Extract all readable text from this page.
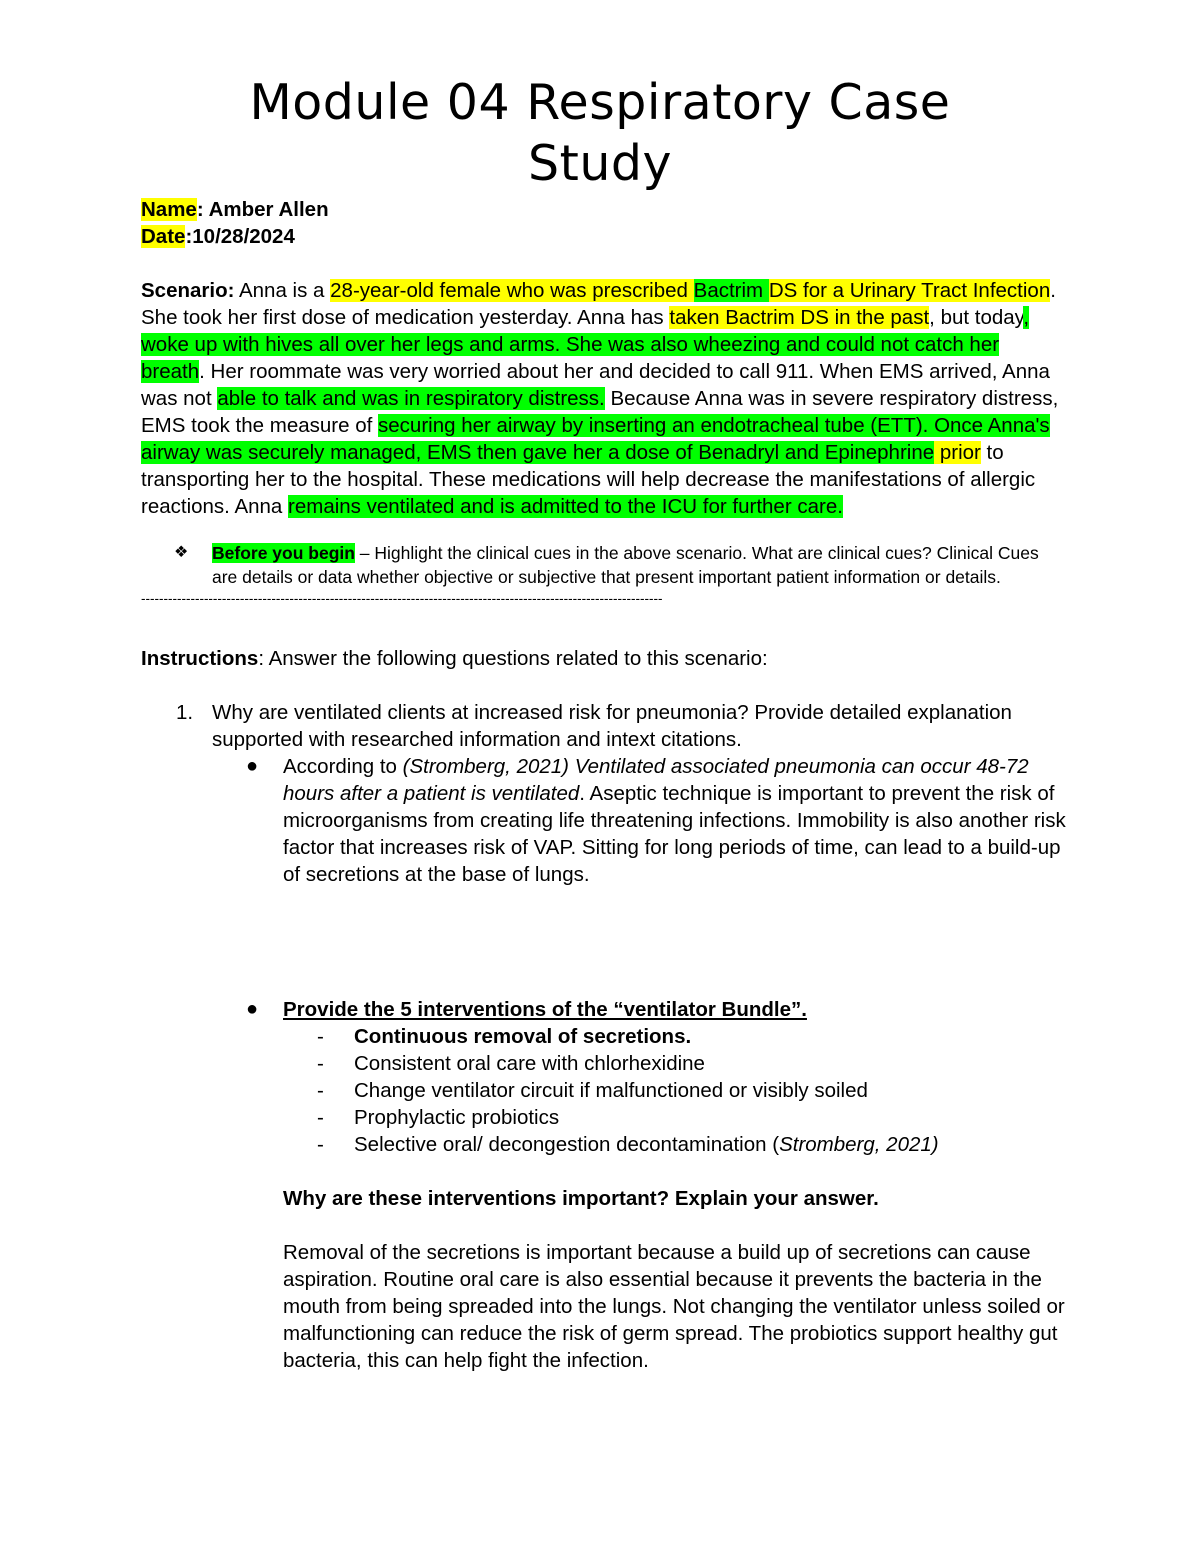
Module 04 Respiratory Case
Study

Name: Amber Allen

Date:10/28/2024

Scenario: Anna is a 28-year-old female who was prescribed Bactrim DS for a Urinary Tract Infection. She took her first dose of medication yesterday. Anna has taken Bactrim DS in the past, but today, woke up with hives all over her legs and arms. She was also wheezing and could not catch her breath. Her roommate was very worried about her and decided to call 911. When EMS arrived, Anna was not able to talk and was in respiratory distress. Because Anna was in severe respiratory distress, EMS took the measure of securing her airway by inserting an endotracheal tube (ETT). Once Anna's airway was securely managed, EMS then gave her a dose of Benadryl and Epinephrine prior to transporting her to the hospital. These medications will help decrease the manifestations of allergic reactions. Anna remains ventilated and is admitted to the ICU for further care.

❖ Before you begin – Highlight the clinical cues in the above scenario. What are clinical cues? Clinical Cues are details or data whether objective or subjective that present important patient information or details.
--------------------------------------------------------------------------------------------------------------------

Instructions: Answer the following questions related to this scenario:

1. Why are ventilated clients at increased risk for pneumonia? Provide detailed explanation supported with researched information and intext citations.
● According to (Stromberg, 2021) Ventilated associated pneumonia can occur 48-72 hours after a patient is ventilated. Aseptic technique is important to prevent the risk of microorganisms from creating life threatening infections. Immobility is also another risk factor that increases risk of VAP. Sitting for long periods of time, can lead to a build-up of secretions at the base of lungs.
● Provide the 5 interventions of the “ventilator Bundle”.
- Continuous removal of secretions.
- Consistent oral care with chlorhexidine
- Change ventilator circuit if malfunctioned or visibly soiled
- Prophylactic probiotics
- Selective oral/ decongestion decontamination (Stromberg, 2021)

Why are these interventions important? Explain your answer.

Removal of the secretions is important because a build up of secretions can cause aspiration. Routine oral care is also essential because it prevents the bacteria in the mouth from being spreaded into the lungs. Not changing the ventilator unless soiled or malfunctioning can reduce the risk of germ spread. The probiotics support healthy gut bacteria, this can help fight the infection.
